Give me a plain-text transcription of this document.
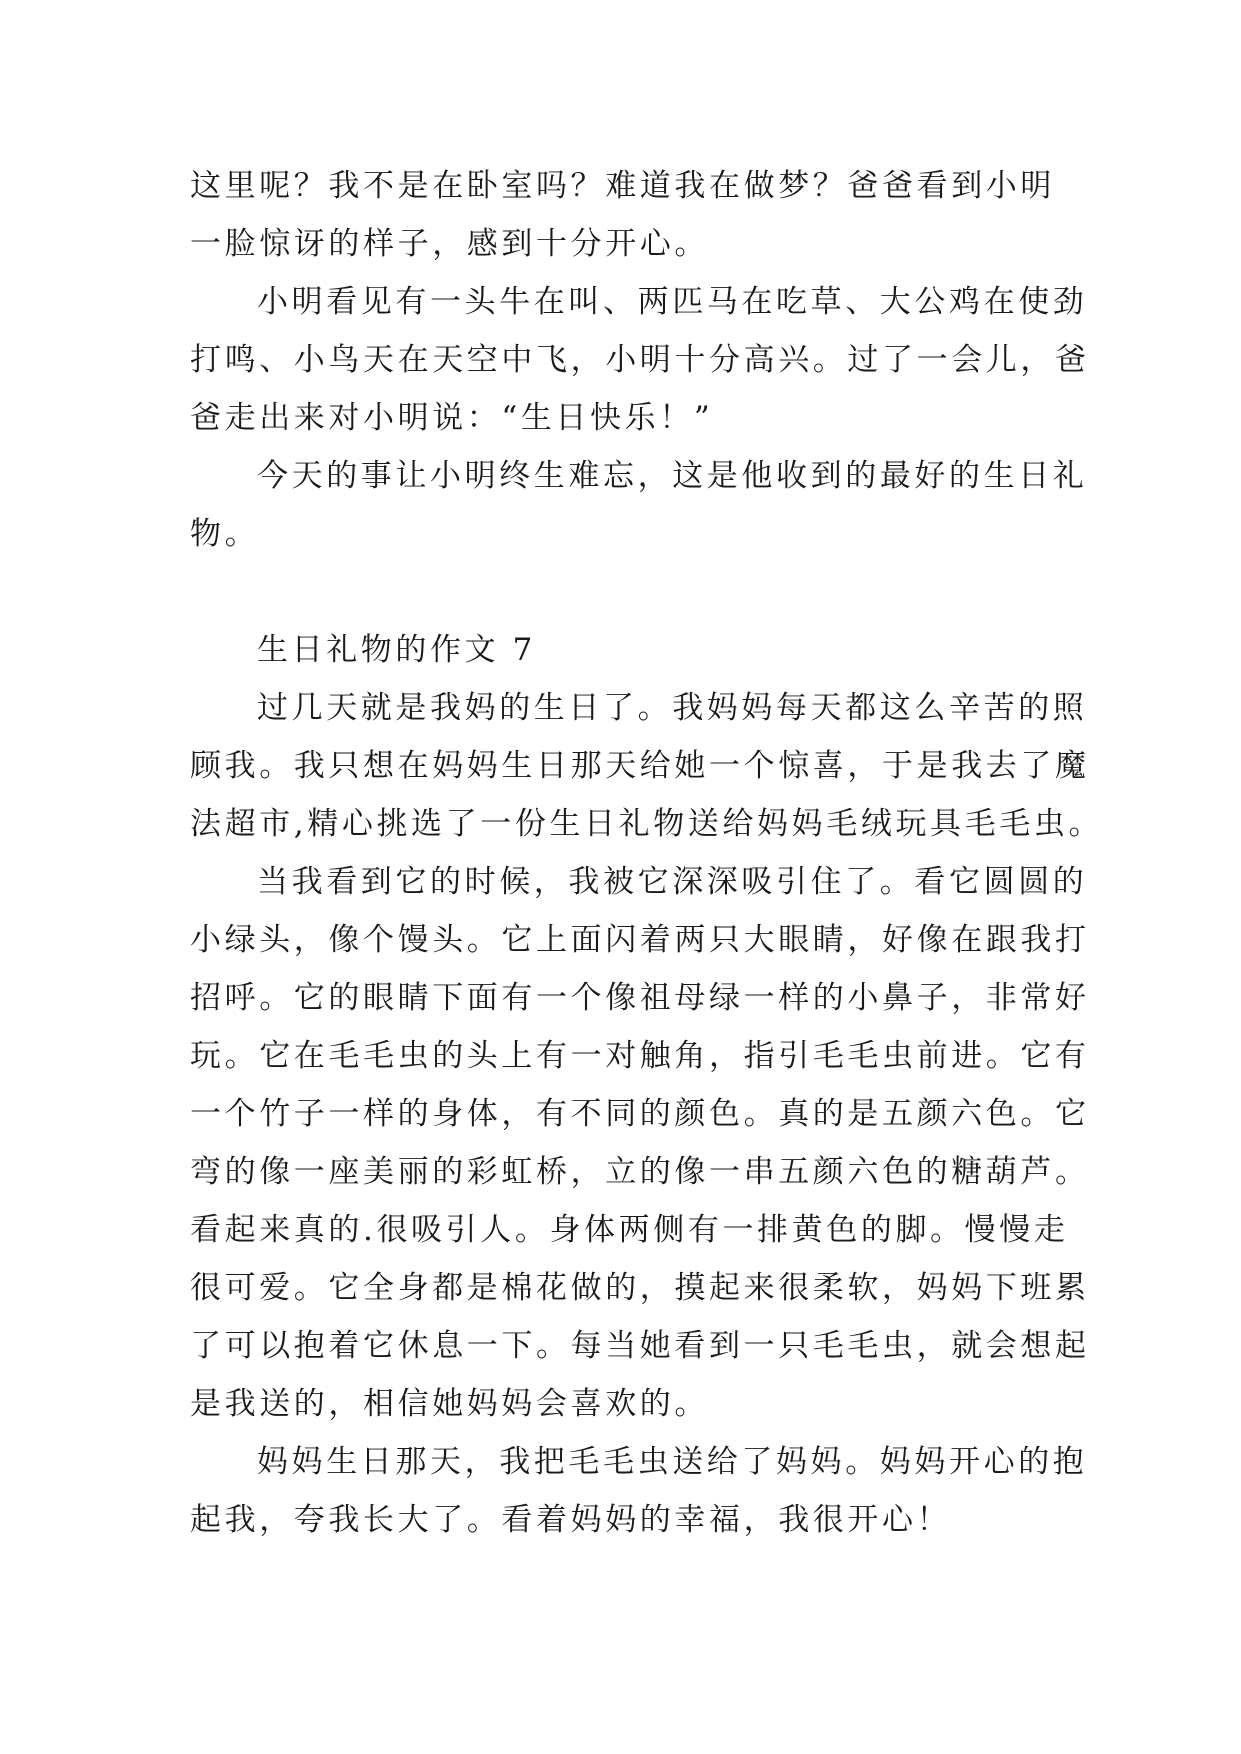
这里呢？我不是在卧室吗？难道我在做梦？爸爸看到小明
一脸惊讶的样子，感到十分开心。
小明看见有一头牛在叫、两匹马在吃草、大公鸡在使劲
打鸣、小鸟天在天空中飞，小明十分高兴。过了一会儿，爸
爸走出来对小明说：“生日快乐！”
今天的事让小明终生难忘，这是他收到的最好的生日礼
物。
生日礼物的作文 7
过几天就是我妈的生日了。我妈妈每天都这么辛苦的照
顾我。我只想在妈妈生日那天给她一个惊喜，于是我去了魔
法超市,精心挑选了一份生日礼物送给妈妈毛绒玩具毛毛虫。
当我看到它的时候，我被它深深吸引住了。看它圆圆的
小绿头，像个馒头。它上面闪着两只大眼睛，好像在跟我打
招呼。它的眼睛下面有一个像祖母绿一样的小鼻子，非常好
玩。它在毛毛虫的头上有一对触角，指引毛毛虫前进。它有
一个竹子一样的身体，有不同的颜色。真的是五颜六色。它
弯的像一座美丽的彩虹桥，立的像一串五颜六色的糖葫芦。
看起来真的.很吸引人。身体两侧有一排黄色的脚。慢慢走
很可爱。它全身都是棉花做的，摸起来很柔软，妈妈下班累
了可以抱着它休息一下。每当她看到一只毛毛虫，就会想起
是我送的，相信她妈妈会喜欢的。
妈妈生日那天，我把毛毛虫送给了妈妈。妈妈开心的抱
起我，夸我长大了。看着妈妈的幸福，我很开心！
